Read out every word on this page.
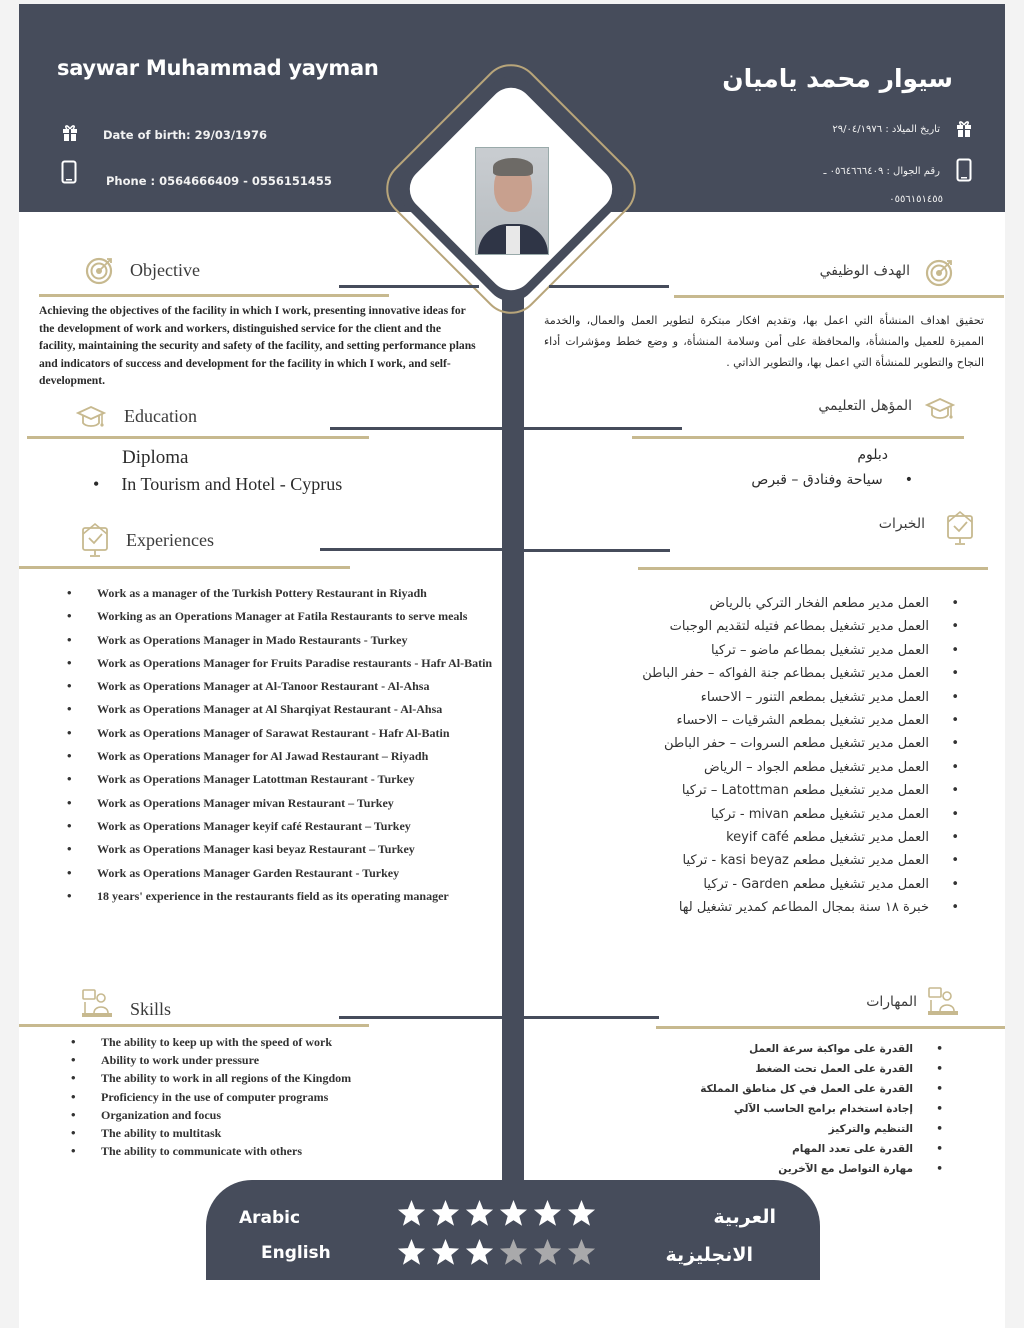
saywar Muhammad yayman	سيوار محمد ياميان
Date of birth: 29/03/1976
Phone : 0564666409 - 0556151455
تاريخ الميلاد : ٢٩/٠٤/١٩٧٦
رقم الجوال : ٠٥٦٤٦٦٦٤٠٩ ـ
٠٥٥٦١٥١٤٥٥
Objective	الهدف الوظيفي
Achieving the objectives of the facility in which I work, presenting innovative ideas for the development of work and workers, distinguished service for the client and the facility, maintaining the security and safety of the facility, and setting performance plans and indicators of success and development for the facility in which I work, and self-development.
تحقيق اهداف المنشأة التي اعمل بها، وتقديم افكار مبتكرة لتطوير العمل والعمال، والخدمة المميزة للعميل والمنشأة، والمحافظة على أمن وسلامة المنشأة، و وضع خطط ومؤشرات أداء النجاح والتطوير للمنشأة التي اعمل بها، والتطوير الذاتي .
Education	المؤهل التعليمي
Diploma
• In Tourism and Hotel - Cyprus
دبلوم
•سياحة وفنادق – قبرص
Experiences
الخبرات
• Work as a manager of the Turkish Pottery Restaurant in Riyadh
• Working as an Operations Manager at Fatila Restaurants to serve meals
• Work as Operations Manager in Mado Restaurants - Turkey
• Work as Operations Manager for Fruits Paradise restaurants - Hafr Al-Batin
• Work as Operations Manager at Al-Tanoor Restaurant - Al-Ahsa
• Work as Operations Manager at Al Sharqiyat Restaurant - Al-Ahsa
• Work as Operations Manager of Sarawat Restaurant - Hafr Al-Batin
• Work as Operations Manager for Al Jawad Restaurant – Riyadh
• Work as Operations Manager Latottman Restaurant - Turkey
• Work as Operations Manager mivan Restaurant – Turkey
• Work as Operations Manager keyif café Restaurant – Turkey
• Work as Operations Manager kasi beyaz Restaurant – Turkey
• Work as Operations Manager Garden Restaurant - Turkey
• 18 years' experience in the restaurants field as its operating manager
• العمل مدير مطعم الفخار التركي بالرياض
• العمل مدير تشغيل بمطاعم فتيله لتقديم الوجبات
• العمل مدير تشغيل بمطاعم ماضو – تركيا
• العمل مدير تشغيل بمطاعم جنة الفواكه – حفر الباطن
• العمل مدير تشغيل بمطعم التنور – الاحساء
• العمل مدير تشغيل بمطعم الشرقيات – الاحساء
• العمل مدير تشغيل مطعم السروات – حفر الباطن
• العمل مدير تشغيل مطعم الجواد – الرياض
• العمل مدير تشغيل مطعم Latottman – تركيا
• العمل مدير تشغيل مطعم mivan - تركيا
• العمل مدير تشغيل مطعم keyif café
• العمل مدير تشغيل مطعم kasi beyaz - تركيا
• العمل مدير تشغيل مطعم Garden - تركيا
• خبرة ١٨ سنة بمجال المطاعم كمدير تشغيل لها
Skills	المهارات
• The ability to keep up with the speed of work
• Ability to work under pressure
• The ability to work in all regions of the Kingdom
• Proficiency in the use of computer programs
• Organization and focus
• The ability to multitask
• The ability to communicate with others
• القدرة على مواكبة سرعة العمل
• القدرة على العمل تحت الضغط
• القدرة على العمل في كل مناطق المملكة
• إجادة استخدام برامج الحاسب الآلي
• التنظيم والتركيز
• القدرة على تعدد المهام
• مهارة التواصل مع الآخرين
Arabic
English
العربية
الانجليزية
